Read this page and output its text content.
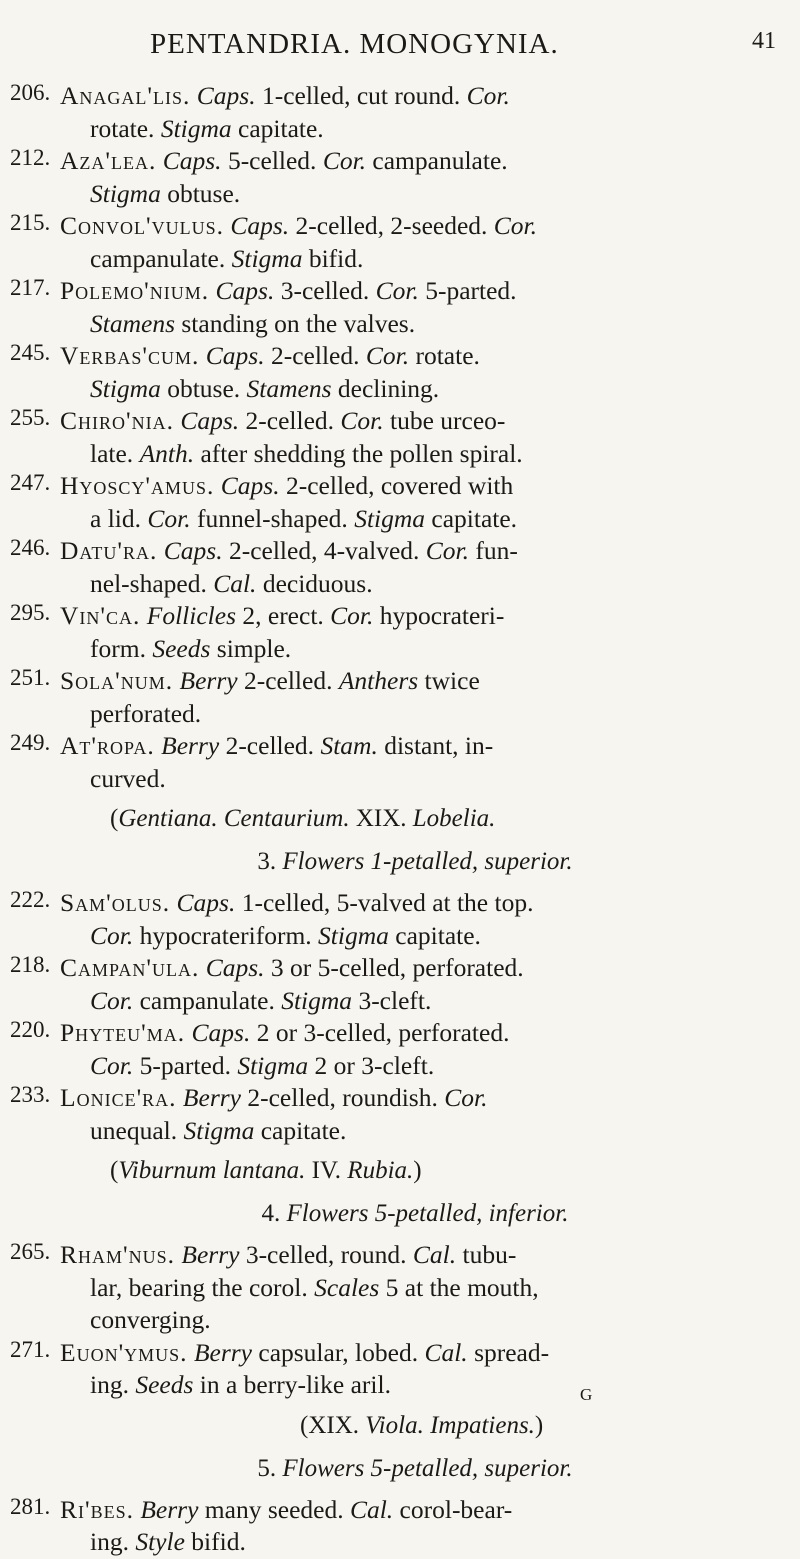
PENTANDRIA. MONOGYNIA.	41
206. Anagal'lis. Caps. 1-celled, cut round. Cor.
rotate. Stigma capitate.
212. Aza'lea. Caps. 5-celled. Cor. campanulate.
Stigma obtuse.
215. Convol'vulus. Caps. 2-celled, 2-seeded. Cor.
campanulate. Stigma bifid.
217. Polemo'nium. Caps. 3-celled. Cor. 5-parted.
Stamens standing on the valves.
245. Verbas'cum. Caps. 2-celled. Cor. rotate.
Stigma obtuse. Stamens declining.
255. Chiro'nia. Caps. 2-celled. Cor. tube urceo-
late. Anth. after shedding the pollen spiral.
247. Hyoscy'amus. Caps. 2-celled, covered with
a lid. Cor. funnel-shaped. Stigma capitate.
246. Datu'ra. Caps. 2-celled, 4-valved. Cor. fun-
nel-shaped. Cal. deciduous.
295. Vin'ca. Follicles 2, erect. Cor. hypocrateri-
form. Seeds simple.
251. Sola'num. Berry 2-celled. Anthers twice
perforated.
249. At'ropa. Berry 2-celled. Stam. distant, in-
curved.
(Gentiana. Centaurium. XIX. Lobelia.
3. Flowers 1-petalled, superior.
222. Sam'olus. Caps. 1-celled, 5-valved at the top.
Cor. hypocrateriform. Stigma capitate.
218. Campan'ula. Caps. 3 or 5-celled, perforated.
Cor. campanulate. Stigma 3-cleft.
220. Phyteu'ma. Caps. 2 or 3-celled, perforated.
Cor. 5-parted. Stigma 2 or 3-cleft.
233. Lonice'ra. Berry 2-celled, roundish. Cor.
unequal. Stigma capitate.
(Viburnum lantana. IV. Rubia.)
4. Flowers 5-petalled, inferior.
265. Rham'nus. Berry 3-celled, round. Cal. tubu-
lar, bearing the corol. Scales 5 at the mouth,
converging.
271. Euon'ymus. Berry capsular, lobed. Cal. spread-
ing. Seeds in a berry-like aril.
(XIX. Viola. Impatiens.)
5. Flowers 5-petalled, superior.
281. Ri'bes. Berry many seeded. Cal. corol-bear-
ing. Style bifid.
G
